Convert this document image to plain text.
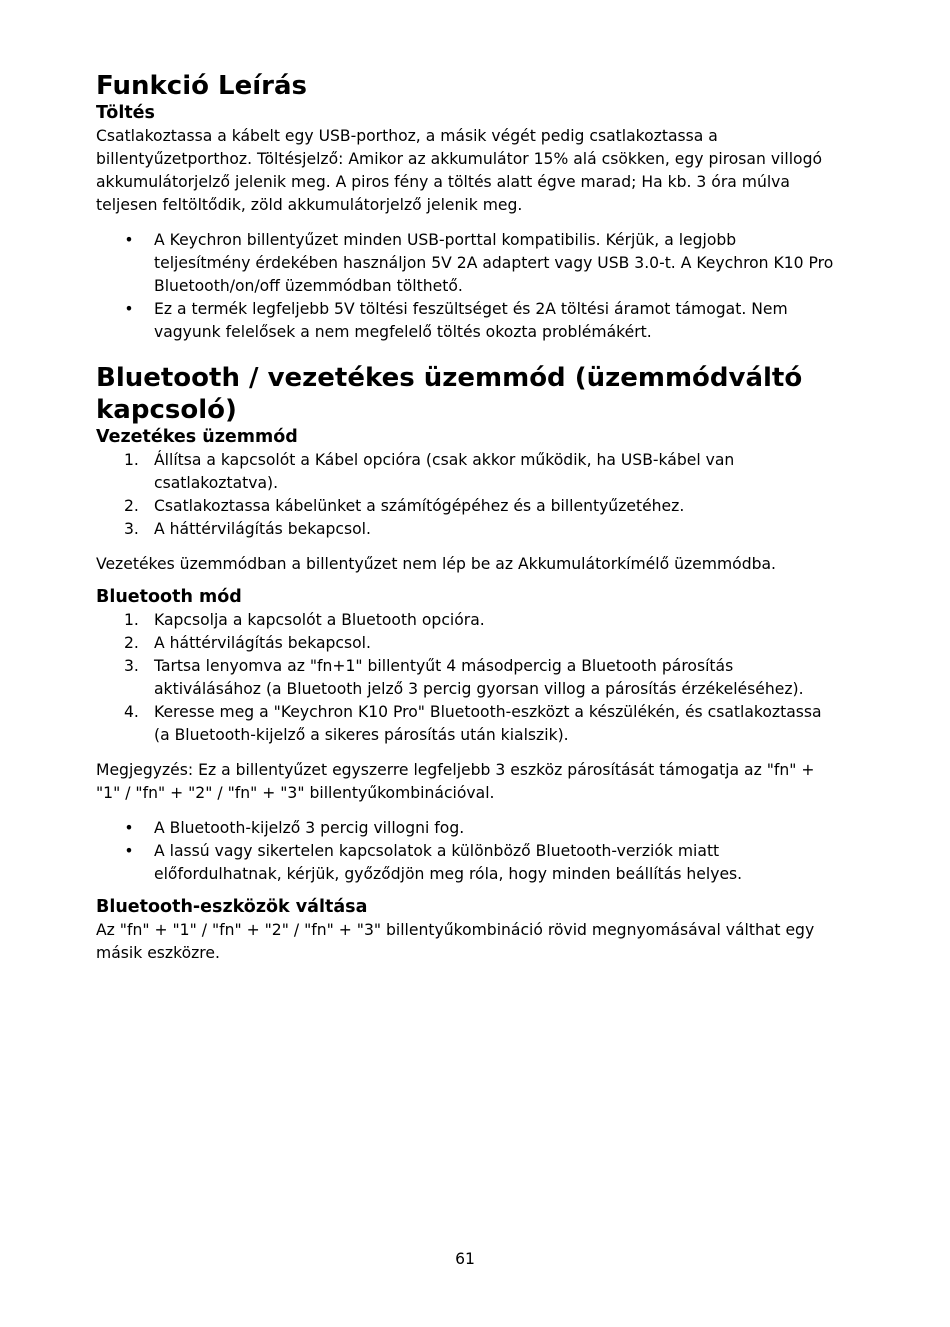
Funkció Leírás
Töltés

Csatlakoztassa a kábelt egy USB-porthoz, a másik végét pedig csatlakoztassa a billentyűzetporthoz. Töltésjelző: Amikor az akkumulátor 15% alá csökken, egy pirosan villogó akkumulátorjelző jelenik meg. A piros fény a töltés alatt égve marad; Ha kb. 3 óra múlva teljesen feltöltődik, zöld akkumulátorjelző jelenik meg.

• A Keychron billentyűzet minden USB-porttal kompatibilis. Kérjük, a legjobb teljesítmény érdekében használjon 5V 2A adaptert vagy USB 3.0-t. A Keychron K10 Pro Bluetooth/on/off üzemmódban tölthető.
• Ez a termék legfeljebb 5V töltési feszültséget és 2A töltési áramot támogat. Nem vagyunk felelősek a nem megfelelő töltés okozta problémákért.
Bluetooth / vezetékes üzemmód (üzemmódváltó kapcsoló)
Vezetékes üzemmód
1. Állítsa a kapcsolót a Kábel opcióra (csak akkor működik, ha USB-kábel van csatlakoztatva).
2. Csatlakoztassa kábelünket a számítógépéhez és a billentyűzetéhez.
3. A háttérvilágítás bekapcsol.

Vezetékes üzemmódban a billentyűzet nem lép be az Akkumulátorkímélő üzemmódba.

Bluetooth mód
1. Kapcsolja a kapcsolót a Bluetooth opcióra.
2. A háttérvilágítás bekapcsol.
3. Tartsa lenyomva az "fn+1" billentyűt 4 másodpercig a Bluetooth párosítás aktiválásához (a Bluetooth jelző 3 percig gyorsan villog a párosítás érzékeléséhez).
4. Keresse meg a "Keychron K10 Pro" Bluetooth-eszközt a készülékén, és csatlakoztassa (a Bluetooth-kijelző a sikeres párosítás után kialszik).

Megjegyzés: Ez a billentyűzet egyszerre legfeljebb 3 eszköz párosítását támogatja az "fn" + "1" / "fn" + "2" / "fn" + "3" billentyűkombinációval.

• A Bluetooth-kijelző 3 percig villogni fog.
• A lassú vagy sikertelen kapcsolatok a különböző Bluetooth-verziók miatt előfordulhatnak, kérjük, győződjön meg róla, hogy minden beállítás helyes.
Bluetooth-eszközök váltása

Az "fn" + "1" / "fn" + "2" / "fn" + "3" billentyűkombináció rövid megnyomásával válthat egy másik eszközre.

61
